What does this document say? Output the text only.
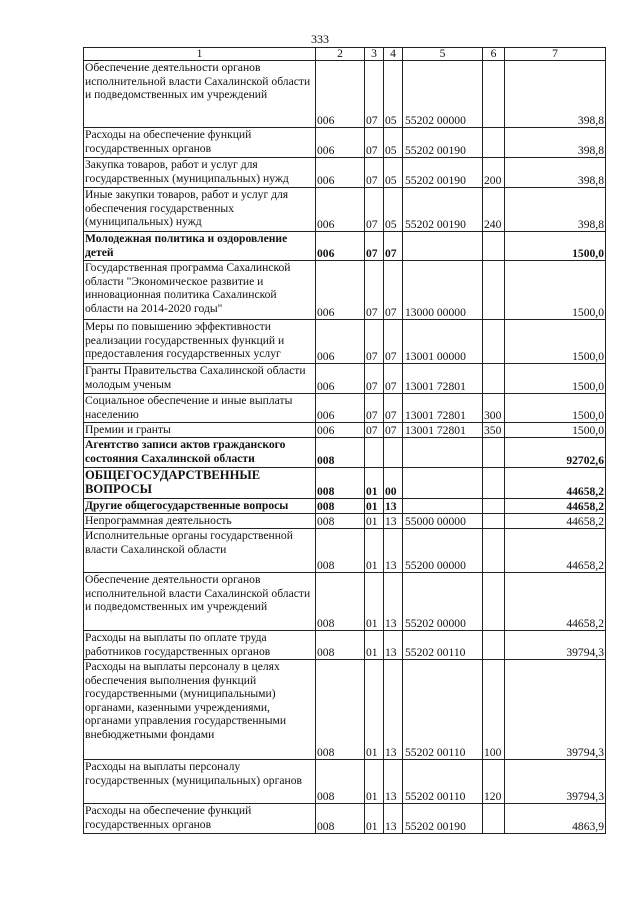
333
1	2	3	4	5	6	7
Обеспечение деятельности органов исполнительной власти Сахалинской области и подведомственных им учреждений	006	07	05	55202 00000		398,8
Расходы на обеспечение функций государственных органов	006	07	05	55202 00190		398,8
Закупка товаров, работ и услуг для государственных (муниципальных) нужд	006	07	05	55202 00190	200	398,8
Иные закупки товаров, работ и услуг для обеспечения государственных (муниципальных) нужд	006	07	05	55202 00190	240	398,8
Молодежная политика и оздоровление детей	006	07	07			1500,0
Государственная программа Сахалинской области "Экономическое развитие и инновационная политика Сахалинской области на 2014-2020 годы"	006	07	07	13000 00000		1500,0
Меры по повышению эффективности реализации государственных функций и предоставления государственных услуг	006	07	07	13001 00000		1500,0
Гранты Правительства Сахалинской области молодым ученым	006	07	07	13001 72801		1500,0
Социальное обеспечение и иные выплаты населению	006	07	07	13001 72801	300	1500,0
Премии и гранты	006	07	07	13001 72801	350	1500,0
Агентство записи актов гражданского состояния Сахалинской области	008					92702,6
ОБЩЕГОСУДАРСТВЕННЫЕ ВОПРОСЫ	008	01	00			44658,2
Другие общегосударственные вопросы	008	01	13			44658,2
Непрограммная деятельность	008	01	13	55000 00000		44658,2
Исполнительные органы государственной власти Сахалинской области	008	01	13	55200 00000		44658,2
Обеспечение деятельности органов исполнительной власти Сахалинской области и подведомственных им учреждений	008	01	13	55202 00000		44658,2
Расходы на выплаты по оплате труда работников государственных органов	008	01	13	55202 00110		39794,3
Расходы на выплаты персоналу в целях обеспечения выполнения функций государственными (муниципальными) органами, казенными учреждениями, органами управления государственными внебюджетными фондами	008	01	13	55202 00110	100	39794,3
Расходы на выплаты персоналу государственных (муниципальных) органов	008	01	13	55202 00110	120	39794,3
Расходы на обеспечение функций государственных органов	008	01	13	55202 00190		4863,9
